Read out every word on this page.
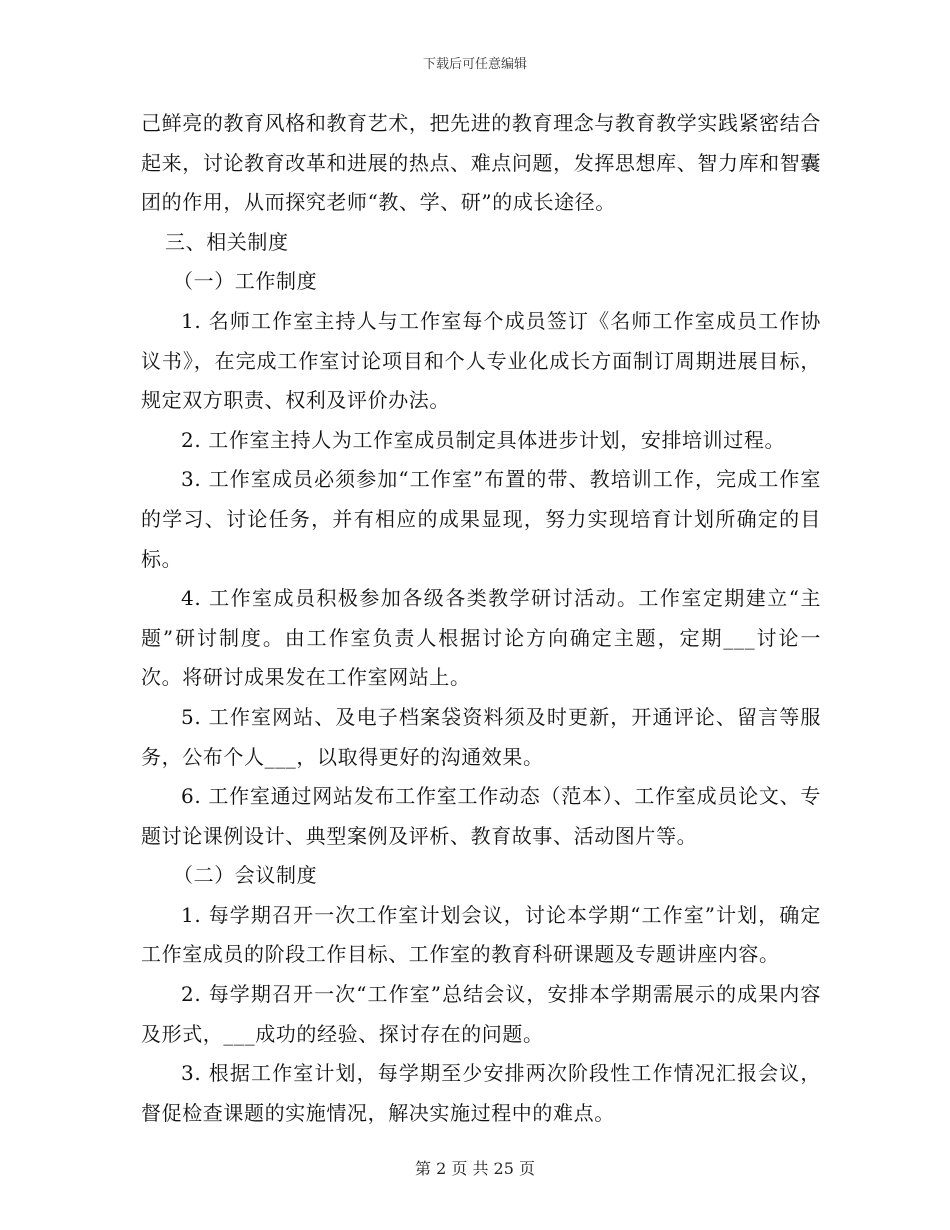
下载后可任意编辑

己鲜亮的教育风格和教育艺术，把先进的教育理念与教育教学实践紧密结合起来，讨论教育改革和进展的热点、难点问题，发挥思想库、智力库和智囊团的作用，从而探究老师“教、学、研”的成长途径。

三、相关制度

（一）工作制度

1. 名师工作室主持人与工作室每个成员签订《名师工作室成员工作协议书》，在完成工作室讨论项目和个人专业化成长方面制订周期进展目标，规定双方职责、权利及评价办法。

2. 工作室主持人为工作室成员制定具体进步计划，安排培训过程。

3. 工作室成员必须参加“工作室”布置的带、教培训工作，完成工作室的学习、讨论任务，并有相应的成果显现，努力实现培育计划所确定的目标。

4. 工作室成员积极参加各级各类教学研讨活动。工作室定期建立“主题”研讨制度。由工作室负责人根据讨论方向确定主题，定期___讨论一次。将研讨成果发在工作室网站上。

5. 工作室网站、及电子档案袋资料须及时更新，开通评论、留言等服务，公布个人___，以取得更好的沟通效果。

6. 工作室通过网站发布工作室工作动态（范本）、工作室成员论文、专题讨论课例设计、典型案例及评析、教育故事、活动图片等。

（二）会议制度

1. 每学期召开一次工作室计划会议，讨论本学期“工作室”计划，确定工作室成员的阶段工作目标、工作室的教育科研课题及专题讲座内容。

2. 每学期召开一次“工作室”总结会议，安排本学期需展示的成果内容及形式，___成功的经验、探讨存在的问题。

3. 根据工作室计划，每学期至少安排两次阶段性工作情况汇报会议，督促检查课题的实施情况，解决实施过程中的难点。

第 2 页 共 25 页
